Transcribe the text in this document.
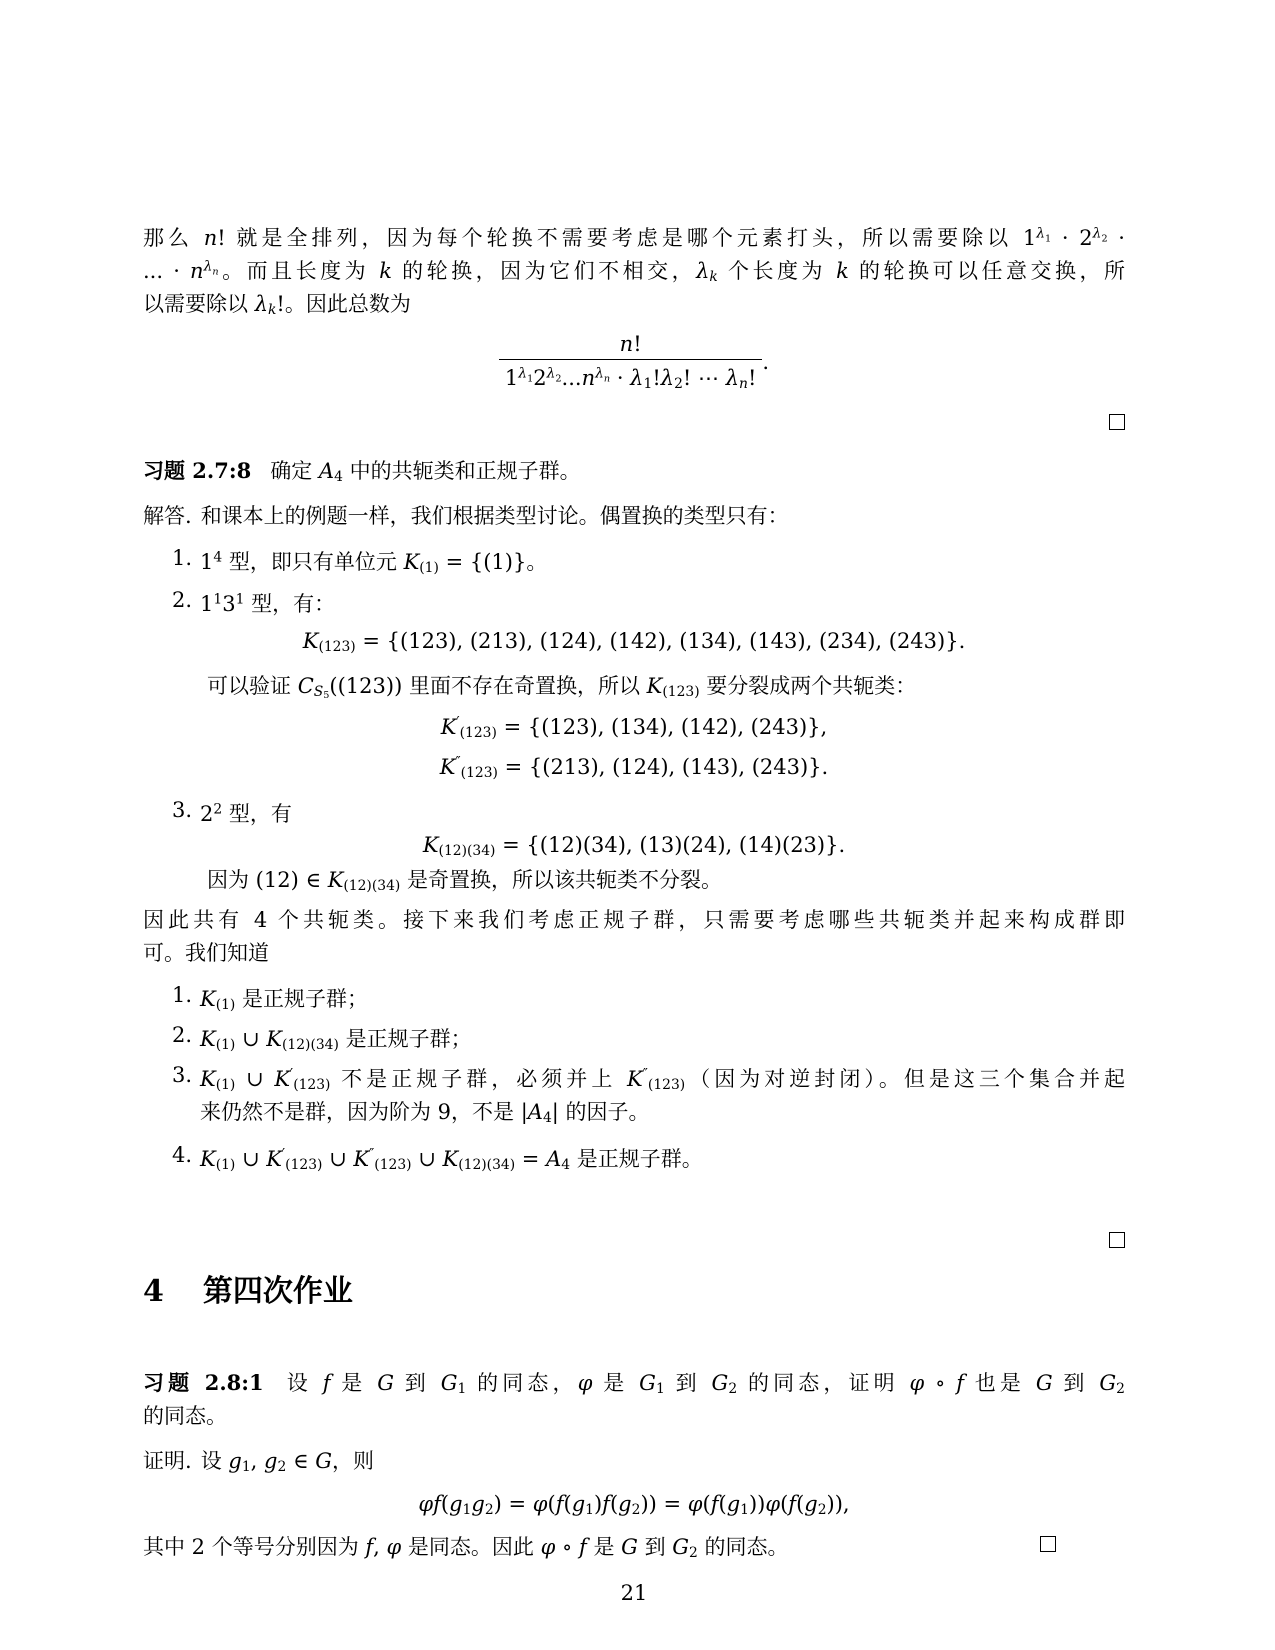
那么 n! 就是全排列，因为每个轮换不需要考虑是哪个元素打头，所以需要除以 $1^\lambda 1 \cdot 2^\lambda 2$ ·

... · $n^\lambda n$。而且长度为 k 的轮换，因为它们不相交，λk 个长度为 k 的轮换可以任意交换，所

以需要除以 λk!。因此总数为

$\frac{n!}{1^\lambda 12^\lambda 2...n^\lambda n \cdot \lambda_1!\lambda_2! \cdots \lambda n!}$ .

习题 2.7:8 确定 $A_4$ 中的共轭类和正规子群。

解答. 和课本上的例题一样，我们根据类型讨论。偶置换的类型只有：

1. $1^4$ 型，即只有单位元 $K_{(1)} = \{(1)\}$。
2. $1^13^1$ 型，有：
$K_{(123)} = \{(123)$, (213), (124), (142), (134), (143), (234), (243)}.
可以验证 $CS_5((123))$ 里面不存在奇置换，所以 $K_{(123)}$ 要分裂成两个共轭类：
$K'_{(123)} = \{(123)$, (134), (142), (243)},
$K''_{(123)} = \{(213)$, (124), (143), (243)}.
3. $2^2$ 型，有
$K_{(12)(34)} = \{(12)(34)$, (13)(24), (14)(23)}.
因为 (12) ∈ $K_{(12)(34)}$ 是奇置换，所以该共轭类不分裂。

因此共有 4 个共轭类。接下来我们考虑正规子群，只需要考虑哪些共轭类并起来构成群即

可。我们知道

1. $K_{(1)}$ 是正规子群；
2. $K_{(1)}$ ∪ $K_{(12)(34)}$ 是正规子群；
3. $K_{(1)}$ ∪ $K'_{(123)}$ 不是正规子群，必须并上 $K''_{(123)}$（因为对逆封闭）。但是这三个集合并起
来仍然不是群，因为阶为 9，不是 $|A_4|$ 的因子。
4. $K_{(1)}$ ∪ $K'_{(123)}$ ∪ $K''_{(123)}$ ∪ $K_{(12)(34)} = A_4$ 是正规子群。
4 第四次作业

习题 2.8:1 设 f 是 G 到 $G_1$ 的同态，φ 是 $G_1$ 到 $G_2$ 的同态，证明 φ ∘ f 也是 G 到 $G_2$

的同态。

证明. 设 $g_1$, $g_2$ ∈ G，则

$\varphi f(g_1g_2) = \varphi(f(g_1)f(g_2)) = \varphi(f(g_1))\varphi(f(g_2))$,

其中 2 个等号分别因为 f, φ 是同态。因此 φ ∘ f 是 G 到 $G_2$ 的同态。

21
